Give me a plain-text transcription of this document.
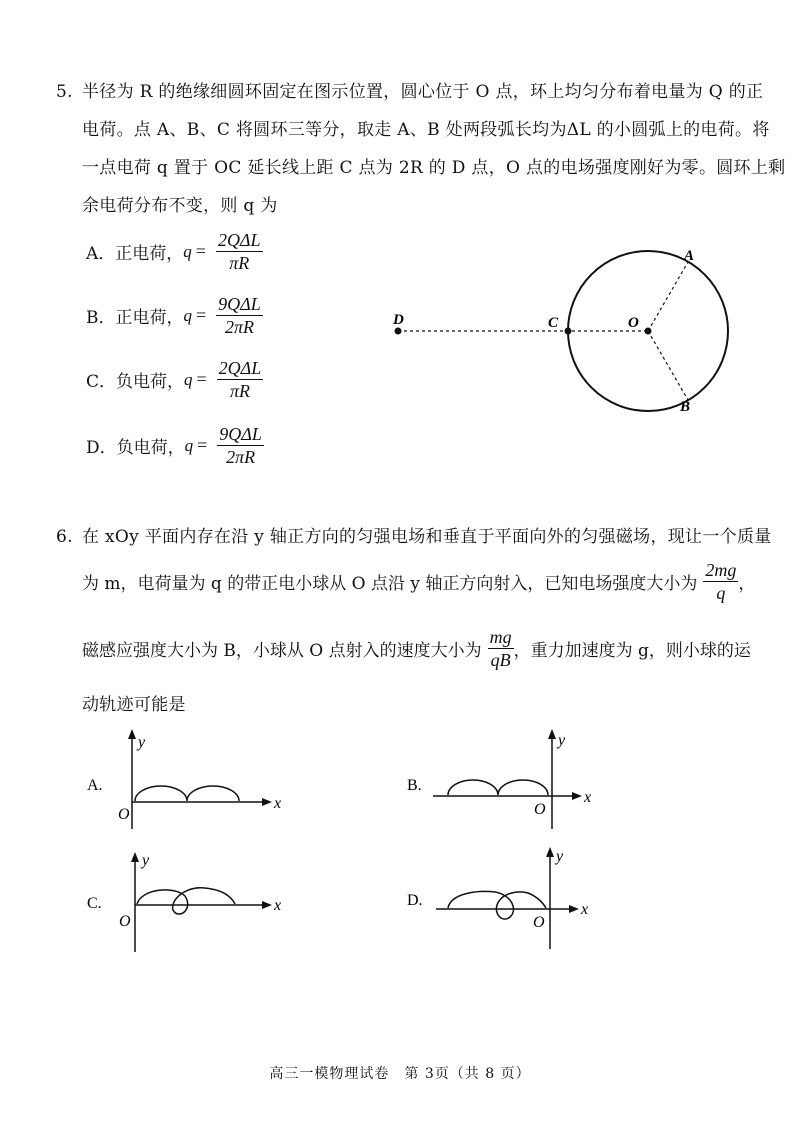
5. 半径为 R 的绝缘细圆环固定在图示位置，圆心位于 O 点，环上均匀分布着电量为 Q 的正
电荷。点 A、B、C 将圆环三等分，取走 A、B 处两段弧长均为ΔL 的小圆弧上的电荷。将
一点电荷 q 置于 OC 延长线上距 C 点为 2R 的 D 点，O 点的电场强度刚好为零。圆环上剩
余电荷分布不变，则 q 为
A．正电荷， $q = \frac{\text{2QΔL}}{\pi R}$
B．正电荷， $q = \frac{\text{9QΔL}}{2\pi R}$
C．负电荷， $q = \frac{\text{2QΔL}}{\pi R}$
D．负电荷， $q = \frac{\text{9QΔL}}{2\pi R}$
D	C	O
A
B
6. 在 xOy 平面内存在沿 y 轴正方向的匀强电场和垂直于平面向外的匀强磁场，现让一个质量
为 m，电荷量为 q 的带正电小球从 O 点沿 y 轴正方向射入，已知电场强度大小为 $\frac{2mg}{q}$ ，
磁感应强度大小为 B，小球从 O 点射入的速度大小为 $\frac{mg}{qB}$ ，重力加速度为 g，则小球的运
动轨迹可能是
A.
y
x
O
B.
y
x
O
C.
y
x
O
D.
y
x
O
高三一模物理试卷　第 3页（共 8 页）
